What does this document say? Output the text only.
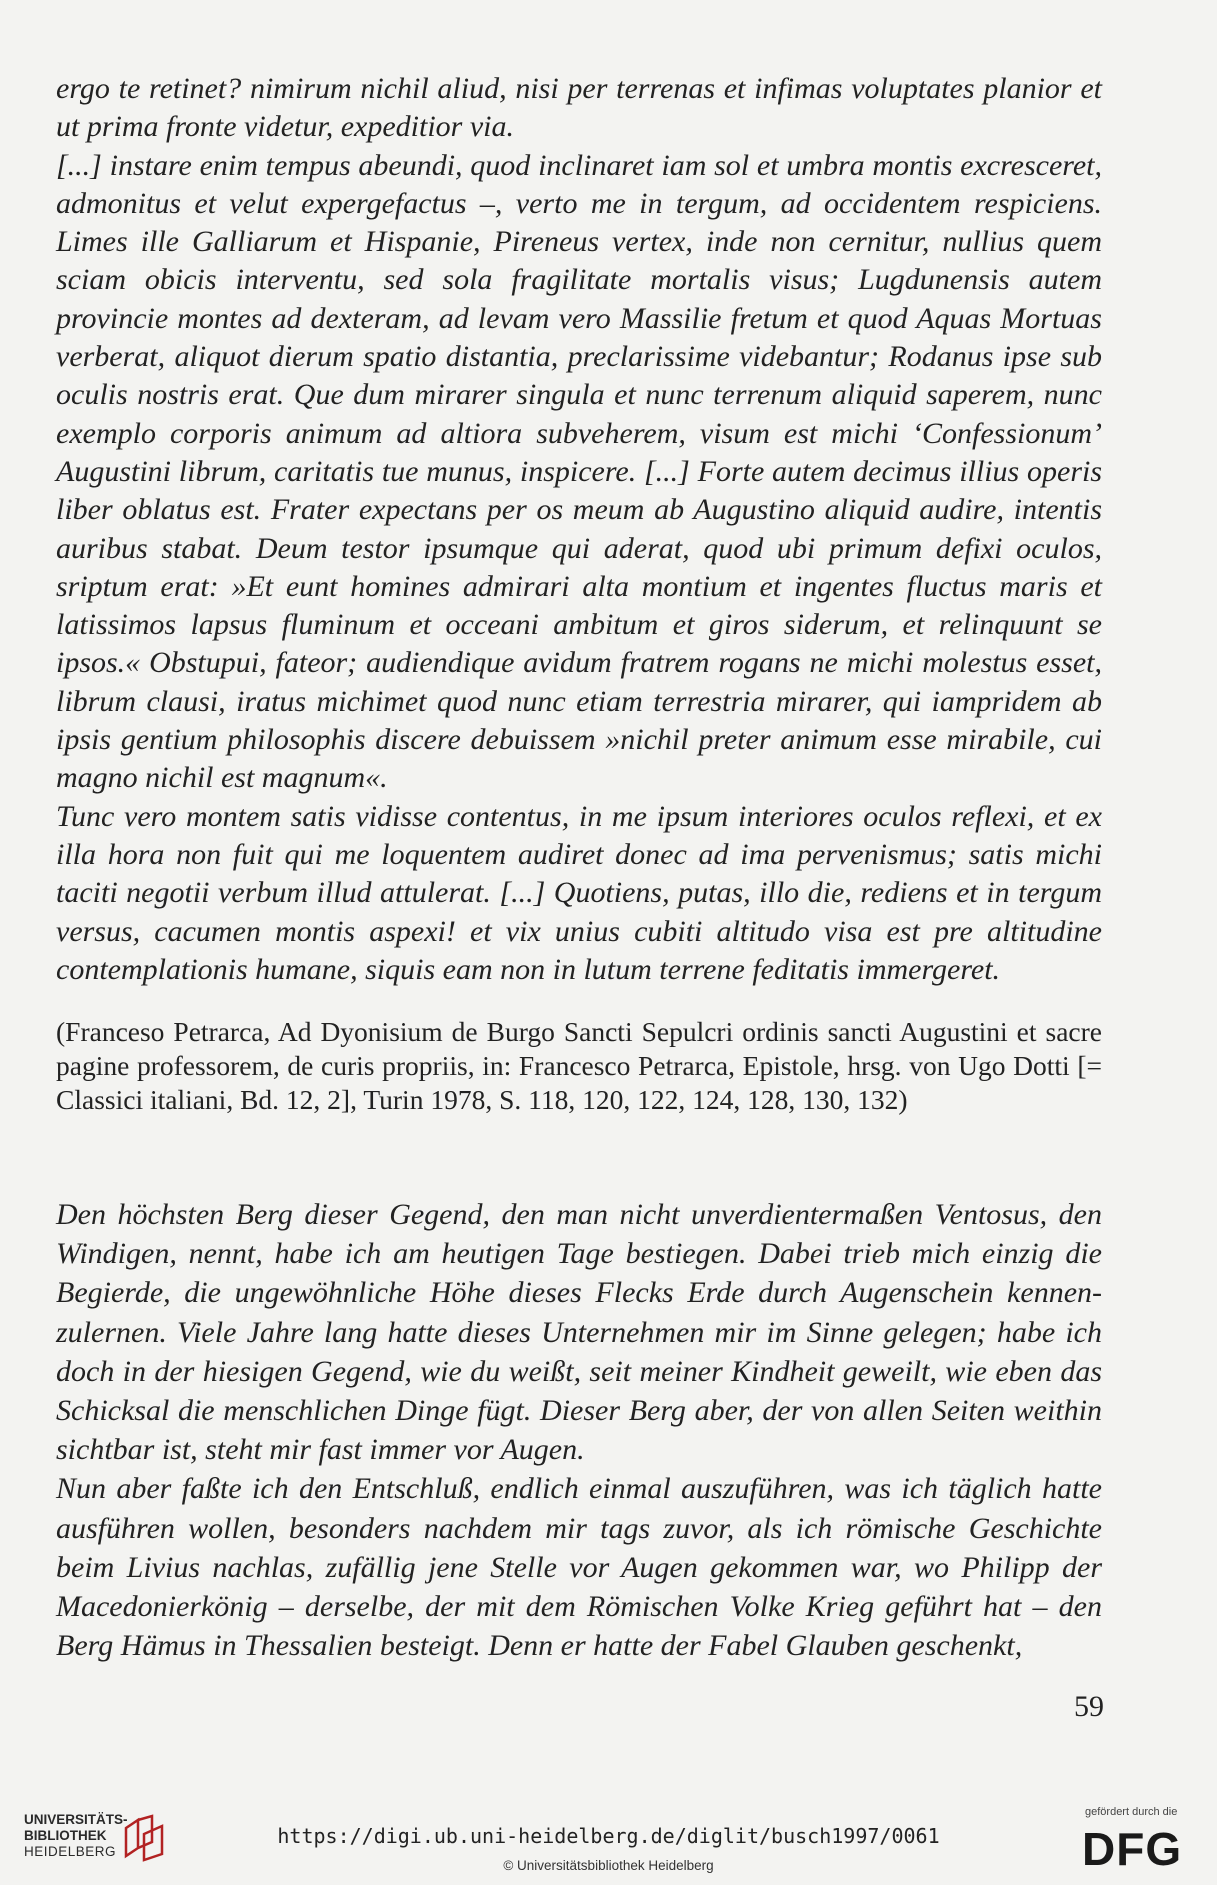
ergo te retinet? nimirum nichil aliud, nisi per terrenas et infimas voluptates planior et ut prima fronte videtur, expeditior via.

[...] instare enim tempus abeundi, quod inclinaret iam sol et umbra montis excresceret, admonitus et velut expergefactus –, verto me in tergum, ad occidentem respiciens. Limes ille Galliarum et Hispanie, Pireneus vertex, inde non cernitur, nullius quem sciam obicis interventu, sed sola fragilitate mortalis visus; Lugdunensis autem provincie montes ad dexteram, ad levam vero Massilie fretum et quod Aquas Mortuas verberat, aliquot dierum spatio distantia, preclarissime videbantur; Rodanus ipse sub oculis nostris erat. Que dum mirarer singula et nunc terrenum aliquid saperem, nunc exemplo corporis animum ad altiora subveherem, visum est michi ‘Confessionum’ Augustini librum, caritatis tue munus, inspicere. [...] Forte autem decimus illius operis liber oblatus est. Frater expectans per os meum ab Augustino aliquid audire, intentis auribus stabat. Deum testor ipsumque qui aderat, quod ubi primum defixi oculos, sriptum erat: »Et eunt homines admirari alta montium et ingentes fluctus maris et latissimos lapsus fluminum et occeani ambitum et giros siderum, et relinquunt se ipsos.« Obstupui, fateor; audiendique avidum fratrem rogans ne michi molestus esset, librum clausi, iratus michimet quod nunc etiam terrestria mirarer, qui iampridem ab ipsis gentium philosophis discere debuissem »nichil preter animum esse mirabile, cui magno nichil est magnum«.

Tunc vero montem satis vidisse contentus, in me ipsum interiores oculos reflexi, et ex illa hora non fuit qui me loquentem audiret donec ad ima pervenismus; satis michi taciti negotii verbum illud attulerat. [...] Quotiens, putas, illo die, rediens et in tergum versus, cacumen montis aspexi! et vix unius cubiti altitudo visa est pre altitudine contemplationis humane, siquis eam non in lutum terrene feditatis immergeret.

(Franceso Petrarca, Ad Dyonisium de Burgo Sancti Sepulcri ordinis sancti Augustini et sacre pagine professorem, de curis propriis, in: Francesco Petrarca, Epistole, hrsg. von Ugo Dotti [= Classici italiani, Bd. 12, 2], Turin 1978, S. 118, 120, 122, 124, 128, 130, 132)

Den höchsten Berg dieser Gegend, den man nicht unverdientermaßen Ventosus, den Windigen, nennt, habe ich am heutigen Tage bestiegen. Dabei trieb mich einzig die Begierde, die ungewöhnliche Höhe dieses Flecks Erde durch Augenschein kennen-zulernen. Viele Jahre lang hatte dieses Unternehmen mir im Sinne gelegen; habe ich doch in der hiesigen Gegend, wie du weißt, seit meiner Kindheit geweilt, wie eben das Schicksal die menschlichen Dinge fügt. Dieser Berg aber, der von allen Seiten weithin sichtbar ist, steht mir fast immer vor Augen.

Nun aber faßte ich den Entschluß, endlich einmal auszuführen, was ich täglich hatte ausführen wollen, besonders nachdem mir tags zuvor, als ich römische Geschichte beim Livius nachlas, zufällig jene Stelle vor Augen gekommen war, wo Philipp der Macedonierkönig – derselbe, der mit dem Römischen Volke Krieg geführt hat – den Berg Hämus in Thessalien besteigt. Denn er hatte der Fabel Glauben geschenkt,

59
UNIVERSITÄTS-
BIBLIOTHEK
HEIDELBERG
https://digi.ub.uni-heidelberg.de/diglit/busch1997/0061
© Universitätsbibliothek Heidelberg
gefördert durch die
DFG
